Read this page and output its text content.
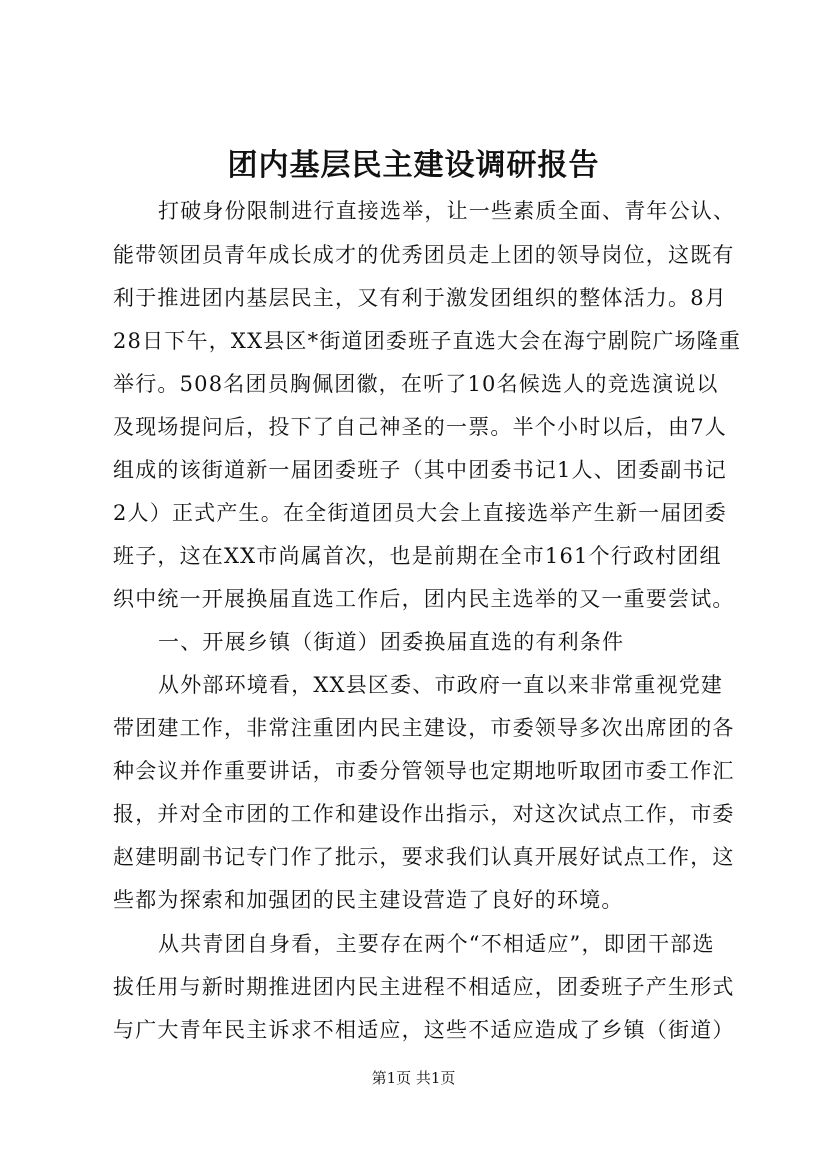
团内基层民主建设调研报告
打破身份限制进行直接选举，让一些素质全面、青年公认、
能带领团员青年成长成才的优秀团员走上团的领导岗位，这既有
利于推进团内基层民主，又有利于激发团组织的整体活力。8月
28日下午，XX县区*街道团委班子直选大会在海宁剧院广场隆重
举行。508名团员胸佩团徽，在听了10名候选人的竞选演说以
及现场提问后，投下了自己神圣的一票。半个小时以后，由7人
组成的该街道新一届团委班子（其中团委书记1人、团委副书记
2人）正式产生。在全街道团员大会上直接选举产生新一届团委
班子，这在XX市尚属首次，也是前期在全市161个行政村团组
织中统一开展换届直选工作后，团内民主选举的又一重要尝试。
一、开展乡镇（街道）团委换届直选的有利条件
从外部环境看，XX县区委、市政府一直以来非常重视党建
带团建工作，非常注重团内民主建设，市委领导多次出席团的各
种会议并作重要讲话，市委分管领导也定期地听取团市委工作汇
报，并对全市团的工作和建设作出指示，对这次试点工作，市委
赵建明副书记专门作了批示，要求我们认真开展好试点工作，这
些都为探索和加强团的民主建设营造了良好的环境。
从共青团自身看，主要存在两个“不相适应”，即团干部选
拔任用与新时期推进团内民主进程不相适应，团委班子产生形式
与广大青年民主诉求不相适应，这些不适应造成了乡镇（街道）
第1页 共1页
